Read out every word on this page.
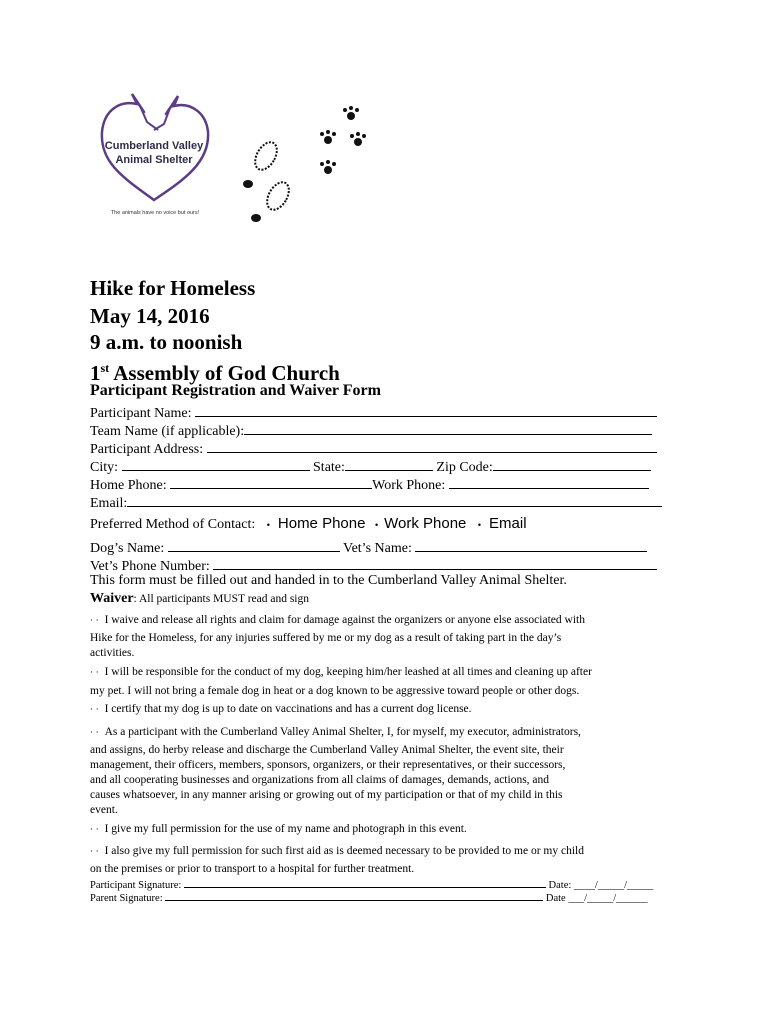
Cumberland Valley
Animal Shelter
The animals have no voice but ours!
Hike for Homeless
May 14, 2016
9 a.m. to noonish
1st Assembly of God Church
Participant Registration and Waiver Form
Participant Name:
Team Name (if applicable):
Participant Address:
City:	State:	Zip Code:
Home Phone:	Work Phone:
Email:
Preferred Method of Contact: • Home Phone • Work Phone • Email
Dog’s Name:	Vet’s Name:
Vet’s Phone Number:
This form must be filled out and handed in to the Cumberland Valley Animal Shelter.
Waiver: All participants MUST read and sign
· · I waive and release all rights and claim for damage against the organizers or anyone else associated with
Hike for the Homeless, for any injuries suffered by me or my dog as a result of taking part in the day’s
activities.
· · I will be responsible for the conduct of my dog, keeping him/her leashed at all times and cleaning up after
my pet. I will not bring a female dog in heat or a dog known to be aggressive toward people or other dogs.
· · I certify that my dog is up to date on vaccinations and has a current dog license.
· · As a participant with the Cumberland Valley Animal Shelter, I, for myself, my executor, administrators,
and assigns, do herby release and discharge the Cumberland Valley Animal Shelter, the event site, their
management, their officers, members, sponsors, organizers, or their representatives, or their successors,
and all cooperating businesses and organizations from all claims of damages, demands, actions, and
causes whatsoever, in any manner arising or growing out of my participation or that of my child in this
event.
· · I give my full permission for the use of my name and photograph in this event.
· · I also give my full permission for such first aid as is deemed necessary to be provided to me or my child
on the premises or prior to transport to a hospital for further treatment.
Participant Signature:	Date: ____/_____/_____
Parent Signature:	Date ___/_____/______
